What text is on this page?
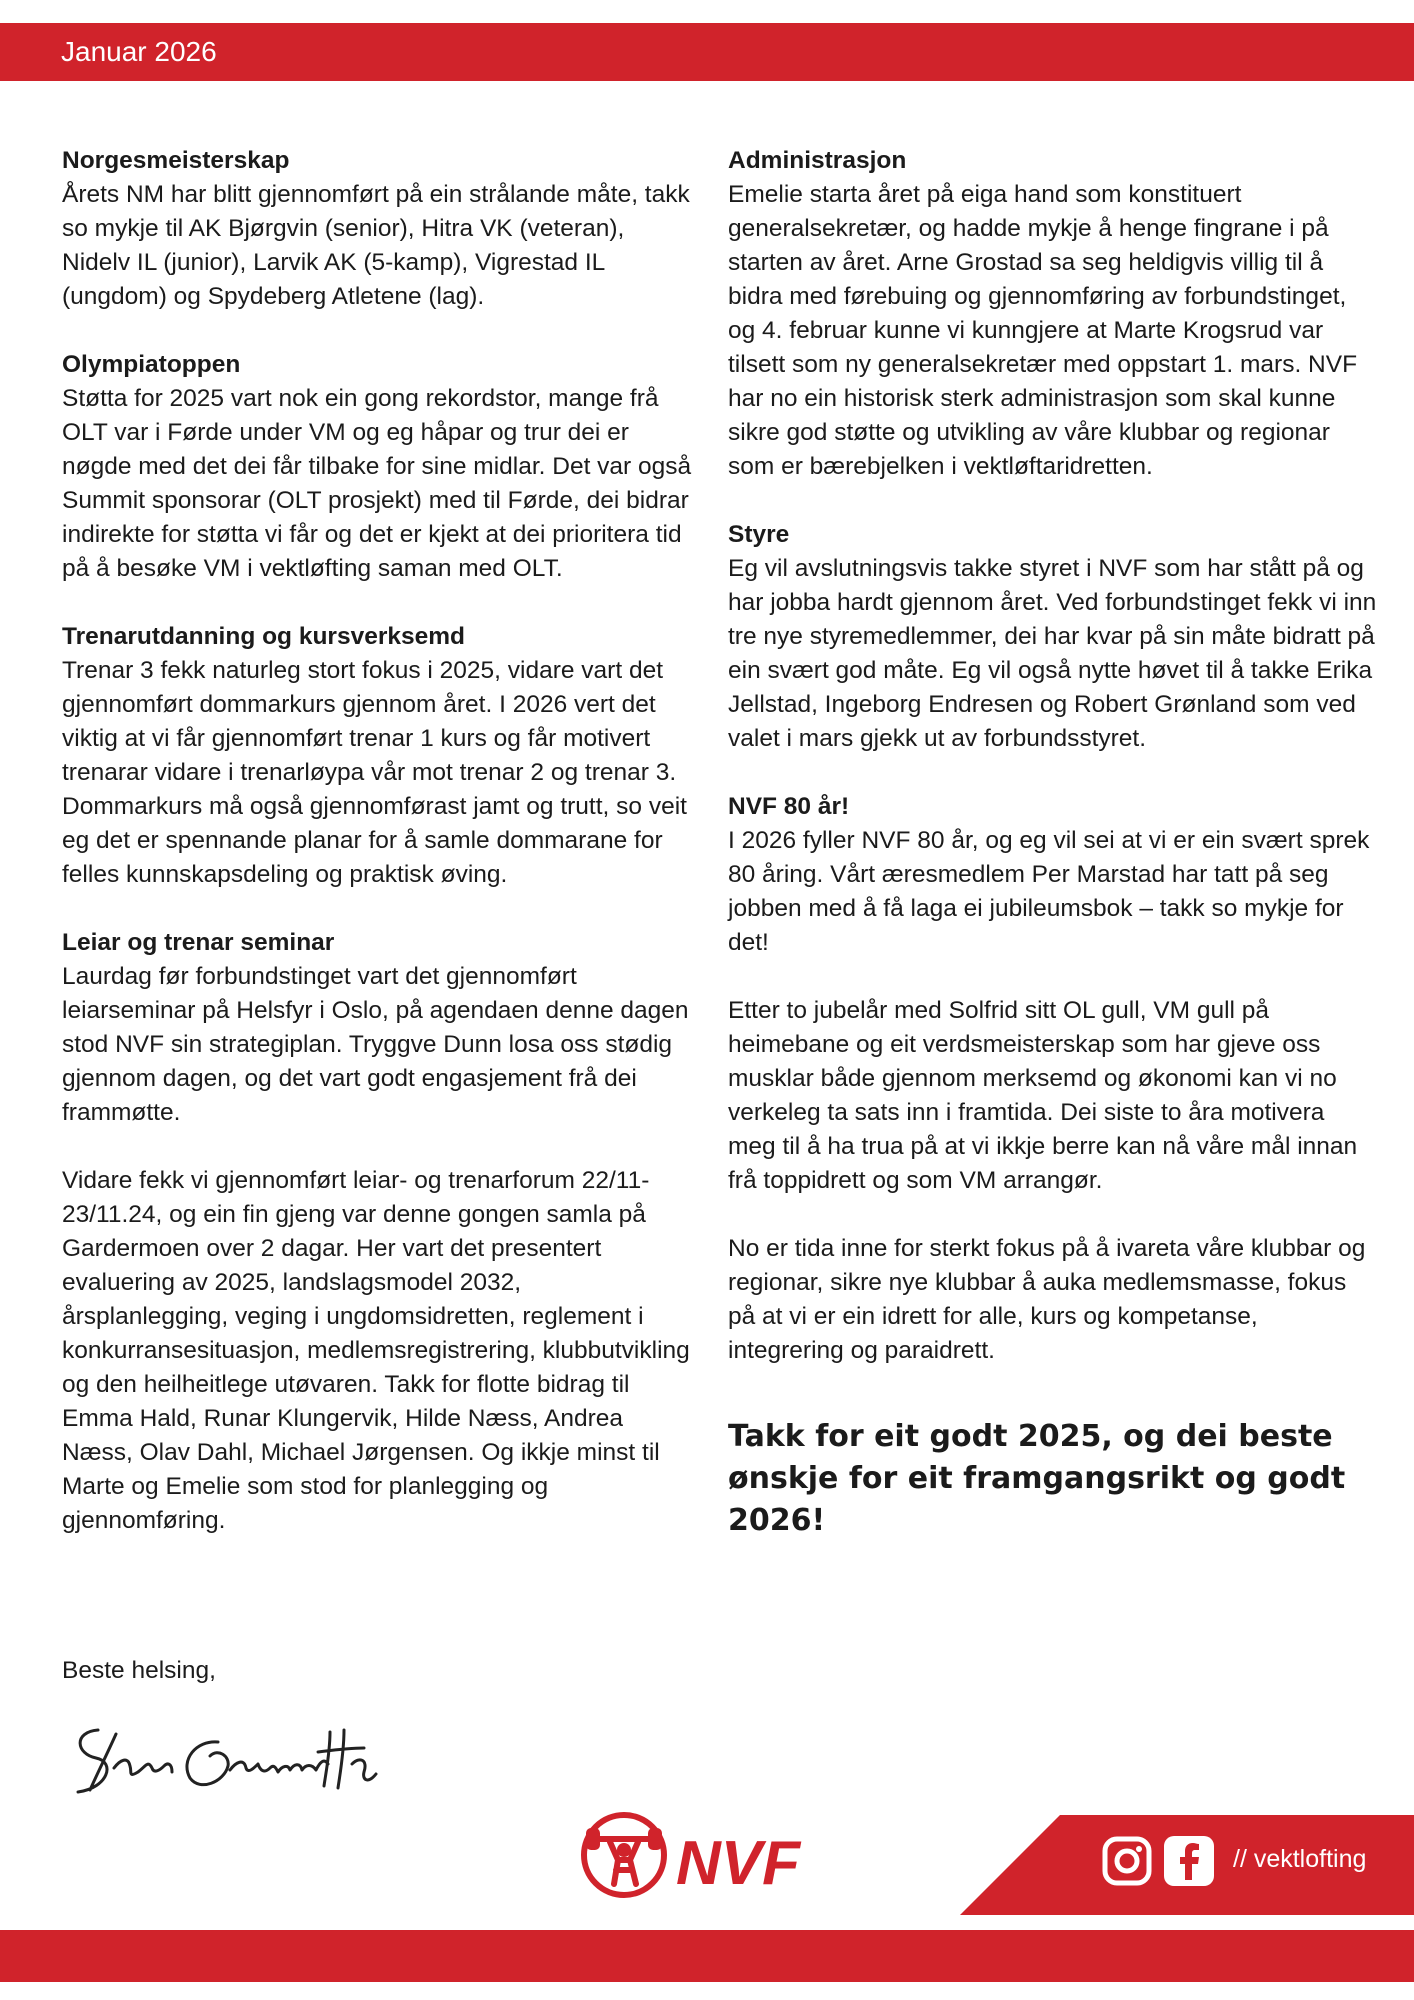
Januar 2026
Norgesmeisterskap

Årets NM har blitt gjennomført på ein strålande måte, takk so mykje til AK Bjørgvin (senior), Hitra VK (veteran), Nidelv IL (junior), Larvik AK (5-kamp), Vigrestad IL (ungdom) og Spydeberg Atletene (lag).

Olympiatoppen

Støtta for 2025 vart nok ein gong rekordstor, mange frå OLT var i Førde under VM og eg håpar og trur dei er nøgde med det dei får tilbake for sine midlar. Det var også Summit sponsorar (OLT prosjekt) med til Førde, dei bidrar indirekte for støtta vi får og det er kjekt at dei prioritera tid på å besøke VM i vektløfting saman med OLT.

Trenarutdanning og kursverksemd

Trenar 3 fekk naturleg stort fokus i 2025, vidare vart det gjennomført dommarkurs gjennom året. I 2026 vert det viktig at vi får gjennomført trenar 1 kurs og får motivert trenarar vidare i trenarløypa vår mot trenar 2 og trenar 3. Dommarkurs må også gjennomførast jamt og trutt, so veit eg det er spennande planar for å samle dommarane for felles kunnskapsdeling og praktisk øving.

Leiar og trenar seminar

Laurdag før forbundstinget vart det gjennomført leiarseminar på Helsfyr i Oslo, på agendaen denne dagen stod NVF sin strategiplan. Tryggve Dunn losa oss stødig gjennom dagen, og det vart godt engasjement frå dei frammøtte.

Vidare fekk vi gjennomført leiar- og trenarforum 22/11-23/11.24, og ein fin gjeng var denne gongen samla på Gardermoen over 2 dagar. Her vart det presentert evaluering av 2025, landslagsmodel 2032, årsplanlegging, veging i ungdomsidretten, reglement i konkurransesituasjon, medlemsregistrering, klubbutvikling og den heilheitlege utøvaren. Takk for flotte bidrag til Emma Hald, Runar Klungervik, Hilde Næss, Andrea Næss, Olav Dahl, Michael Jørgensen. Og ikkje minst til Marte og Emelie som stod for planlegging og gjennomføring.

Beste helsing,
Administrasjon

Emelie starta året på eiga hand som konstituert generalsekretær, og hadde mykje å henge fingrane i på starten av året. Arne Grostad sa seg heldigvis villig til å bidra med førebuing og gjennomføring av forbundstinget, og 4. februar kunne vi kunngjere at Marte Krogsrud var tilsett som ny generalsekretær med oppstart 1. mars. NVF har no ein historisk sterk administrasjon som skal kunne sikre god støtte og utvikling av våre klubbar og regionar som er bærebjelken i vektløftaridretten.

Styre

Eg vil avslutningsvis takke styret i NVF som har stått på og har jobba hardt gjennom året. Ved forbundstinget fekk vi inn tre nye styremedlemmer, dei har kvar på sin måte bidratt på ein svært god måte. Eg vil også nytte høvet til å takke Erika Jellstad, Ingeborg Endresen og Robert Grønland som ved valet i mars gjekk ut av forbundsstyret.

NVF 80 år!

I 2026 fyller NVF 80 år, og eg vil sei at vi er ein svært sprek 80 åring. Vårt æresmedlem Per Marstad har tatt på seg jobben med å få laga ei jubileumsbok – takk so mykje for det!

Etter to jubelår med Solfrid sitt OL gull, VM gull på heimebane og eit verdsmeisterskap som har gjeve oss musklar både gjennom merksemd og økonomi kan vi no verkeleg ta sats inn i framtida. Dei siste to åra motivera meg til å ha trua på at vi ikkje berre kan nå våre mål innan frå toppidrett og som VM arrangør.

No er tida inne for sterkt fokus på å ivareta våre klubbar og regionar, sikre nye klubbar å auka medlemsmasse, fokus på at vi er ein idrett for alle, kurs og kompetanse, integrering og paraidrett.

Takk for eit godt 2025, og dei beste ønskje for eit framgangsrikt og godt 2026!
NVF	// vektlofting
